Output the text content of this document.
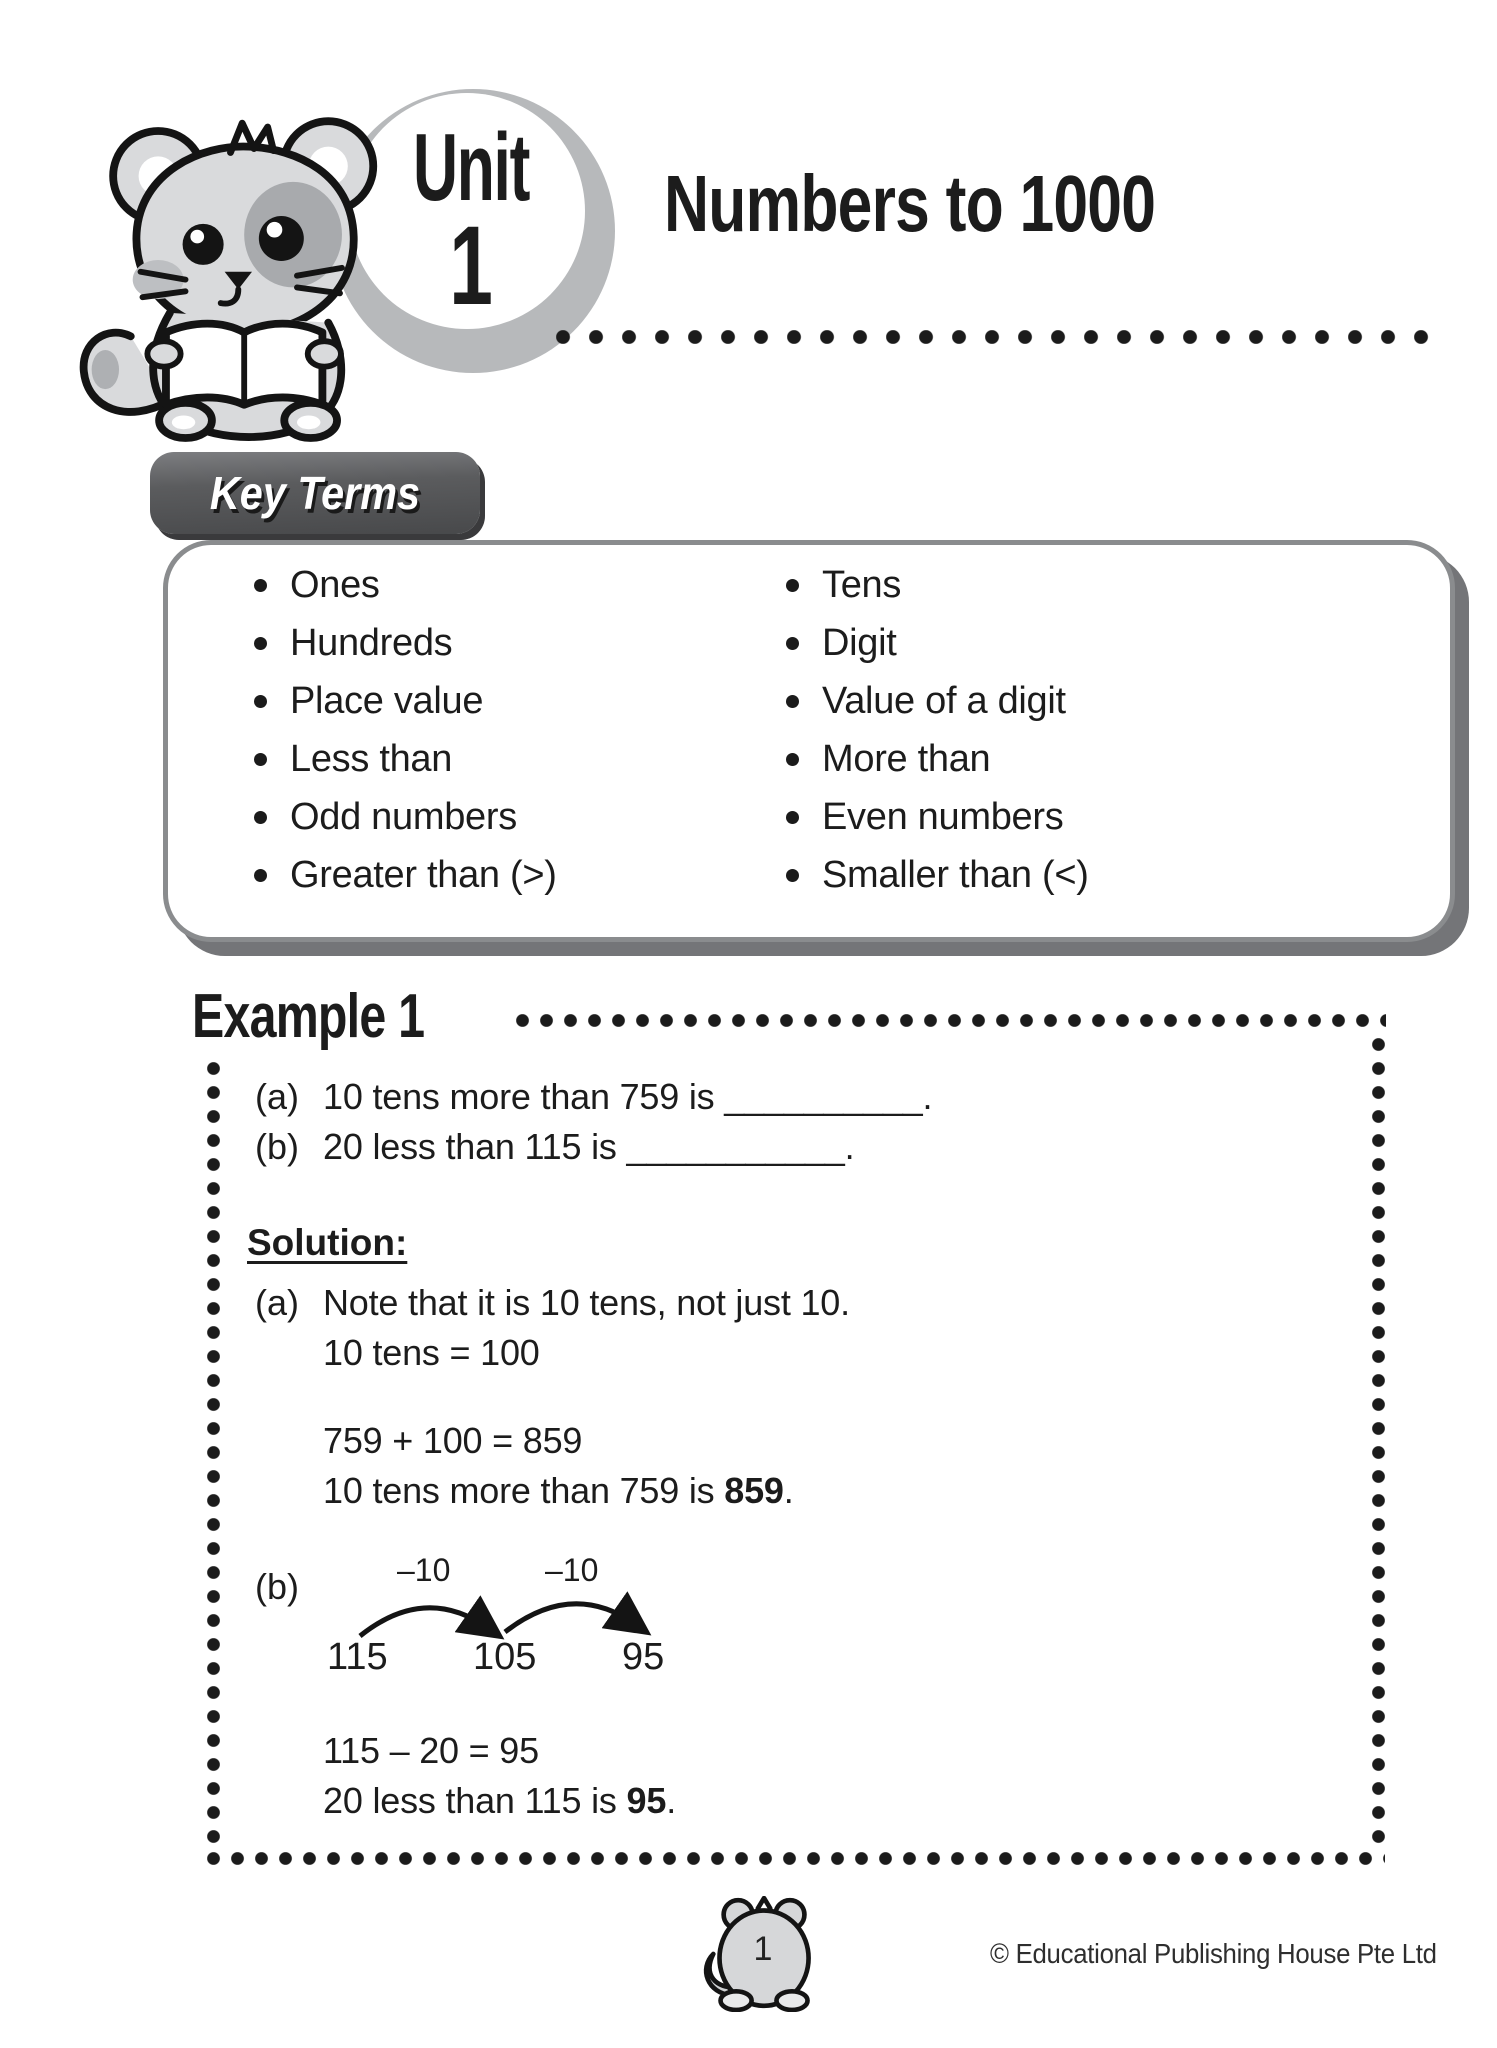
Unit
1	Numbers to 1000
Key Terms
Ones
Hundreds
Place value
Less than
Odd numbers
Greater than (>)
Tens
Digit
Value of a digit
More than
Even numbers
Smaller than (<)
Example 1
(a) 10 tens more than 759 is __________.
(b) 20 less than 115 is ___________.
Solution:
(a) Note that it is 10 tens, not just 10.
10 tens = 100
759 + 100 = 859
10 tens more than 759 is 859.
(b)	–10	–10
115 105 95
115 – 20 = 95
20 less than 115 is 95.
1	© Educational Publishing House Pte Ltd
